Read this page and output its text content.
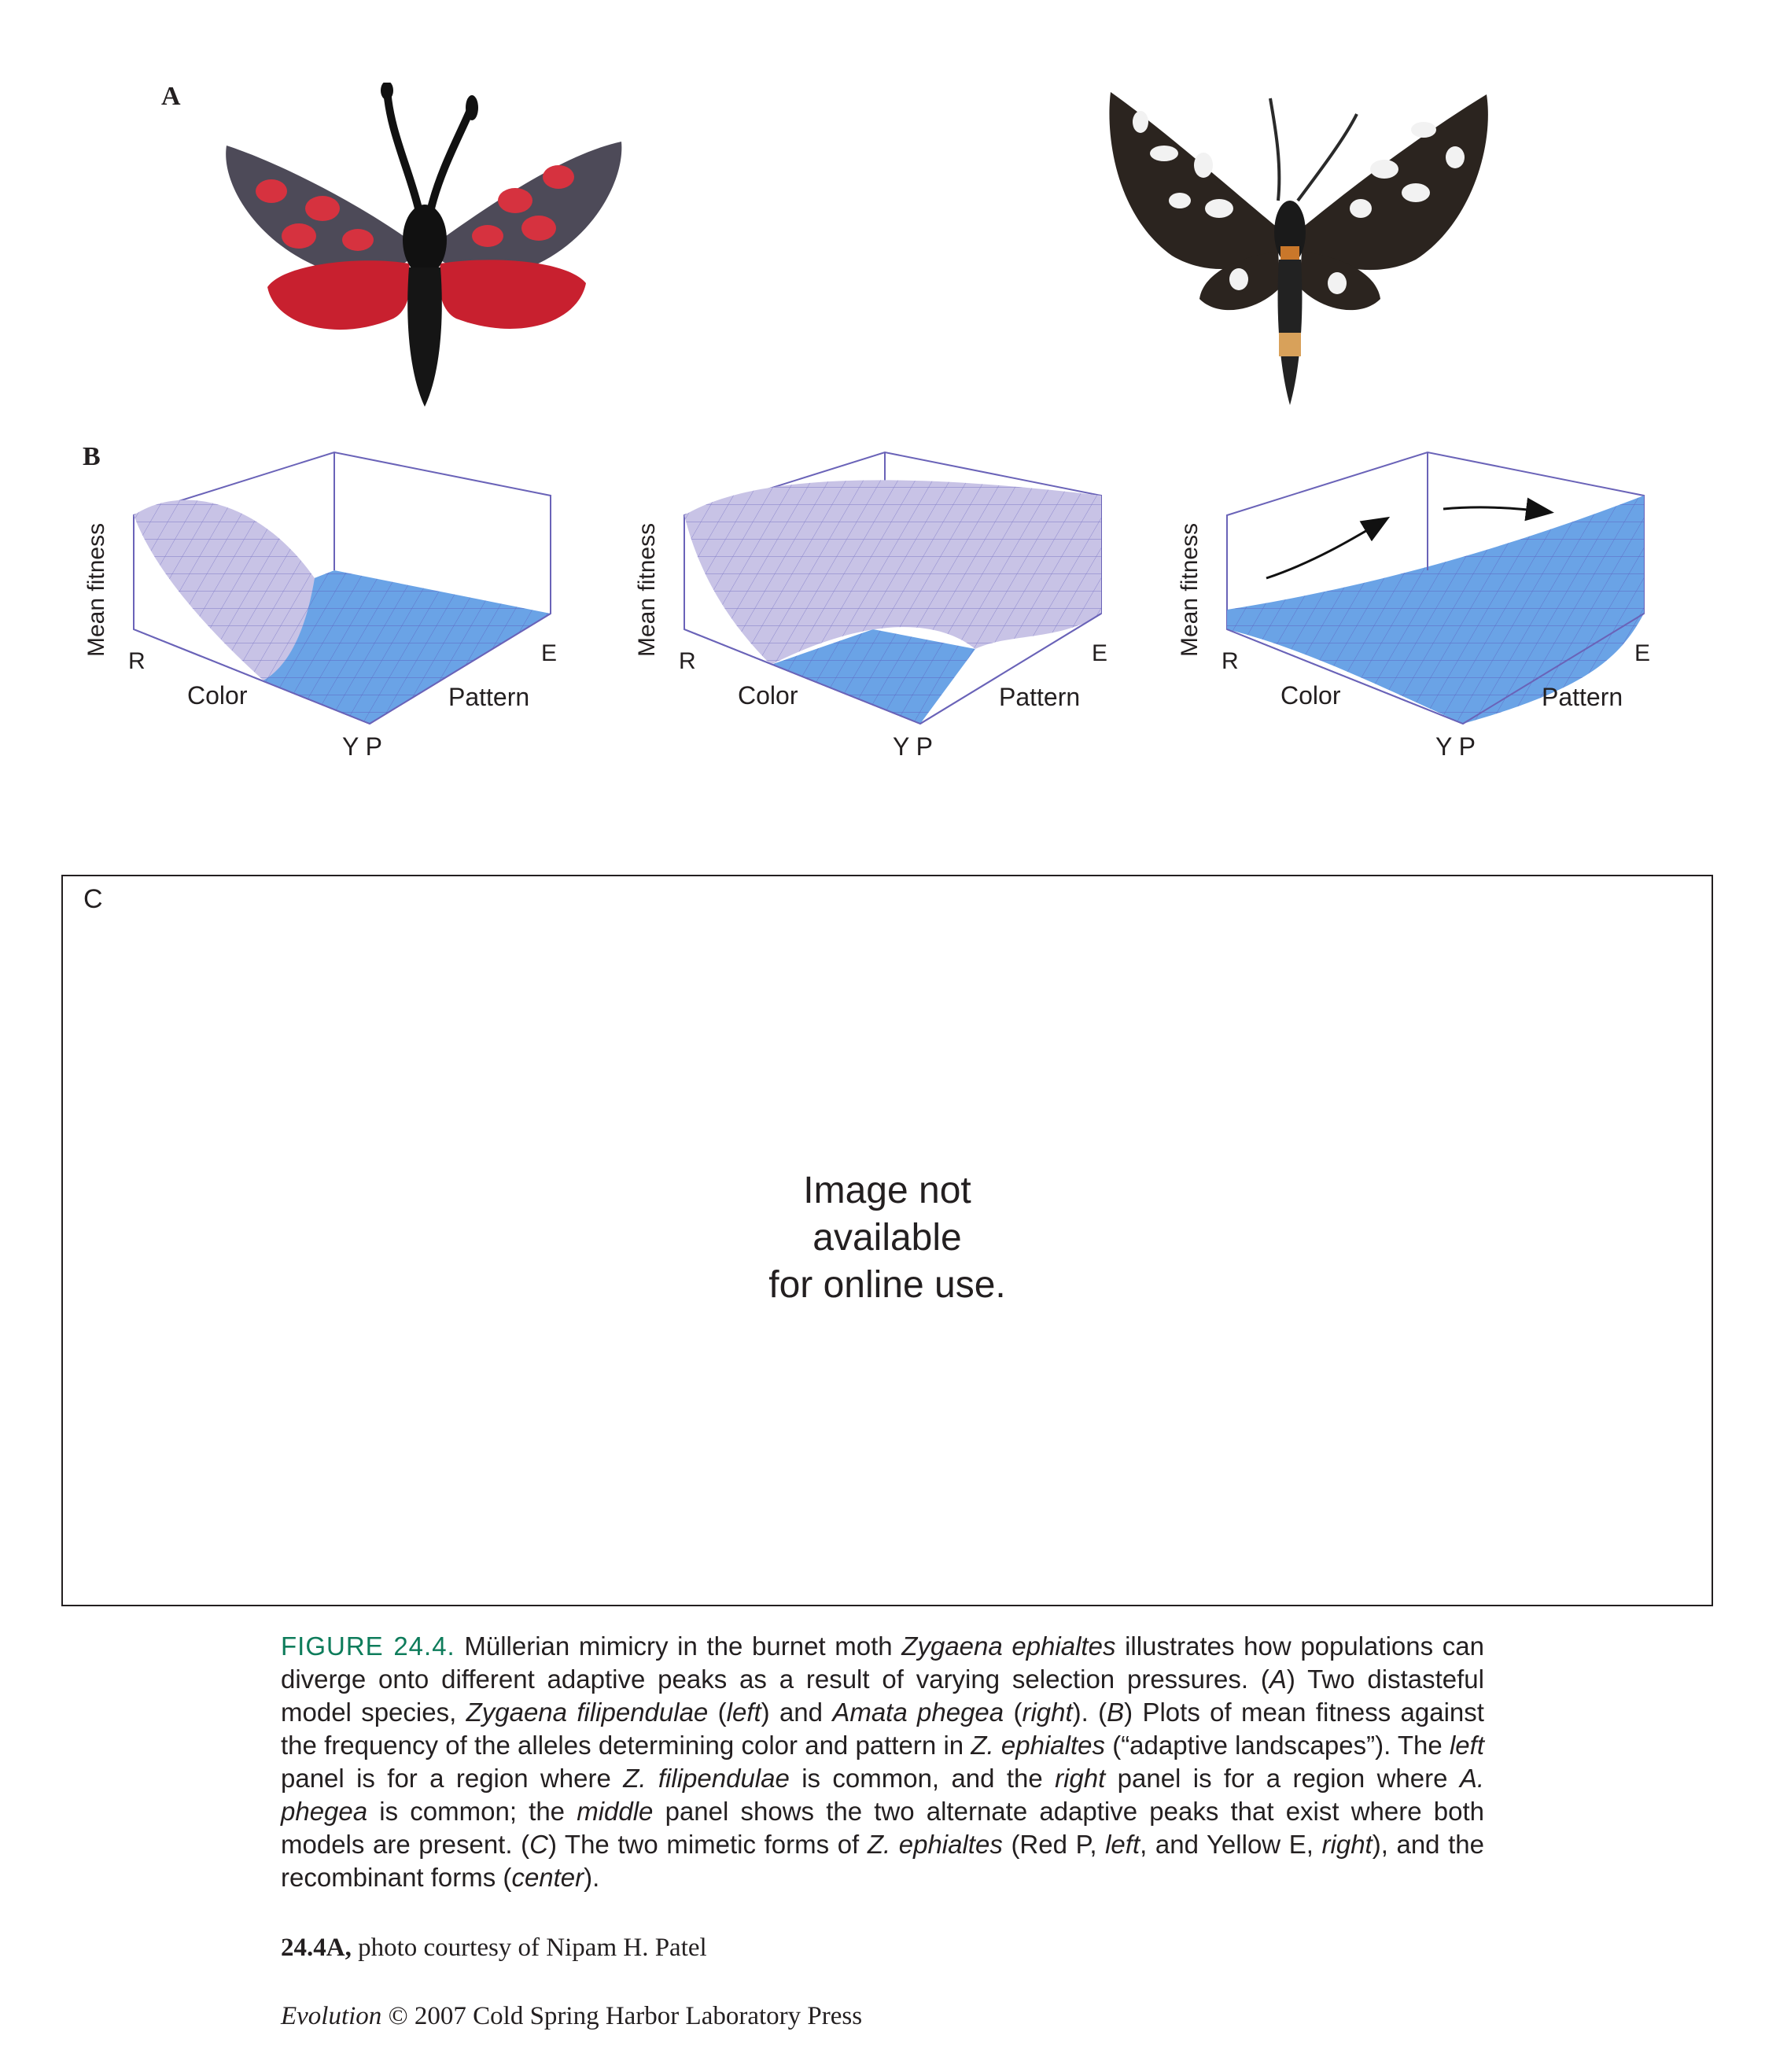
A
B
Mean fitness
R	E
Color	Pattern
Y P
Mean fitness
R	E
Color	Pattern
Y P
Mean fitness
R	E
Color	Pattern
Y P
C
Image not
available
for online use.
FIGURE 24.4. Müllerian mimicry in the burnet moth Zygaena ephialtes illustrates how populations can diverge onto different adaptive peaks as a result of varying selection pressures. (A) Two distasteful model species, Zygaena filipendulae (left) and Amata phegea (right). (B) Plots of mean fitness against the frequency of the alleles determining color and pattern in Z. ephialtes (“adaptive landscapes”). The left panel is for a region where Z. filipendulae is common, and the right panel is for a region where A. phegea is common; the middle panel shows the two alternate adaptive peaks that exist where both models are present. (C) The two mimetic forms of Z. ephialtes (Red P, left, and Yellow E, right), and the recombinant forms (center).
24.4A, photo courtesy of Nipam H. Patel
Evolution © 2007 Cold Spring Harbor Laboratory Press
